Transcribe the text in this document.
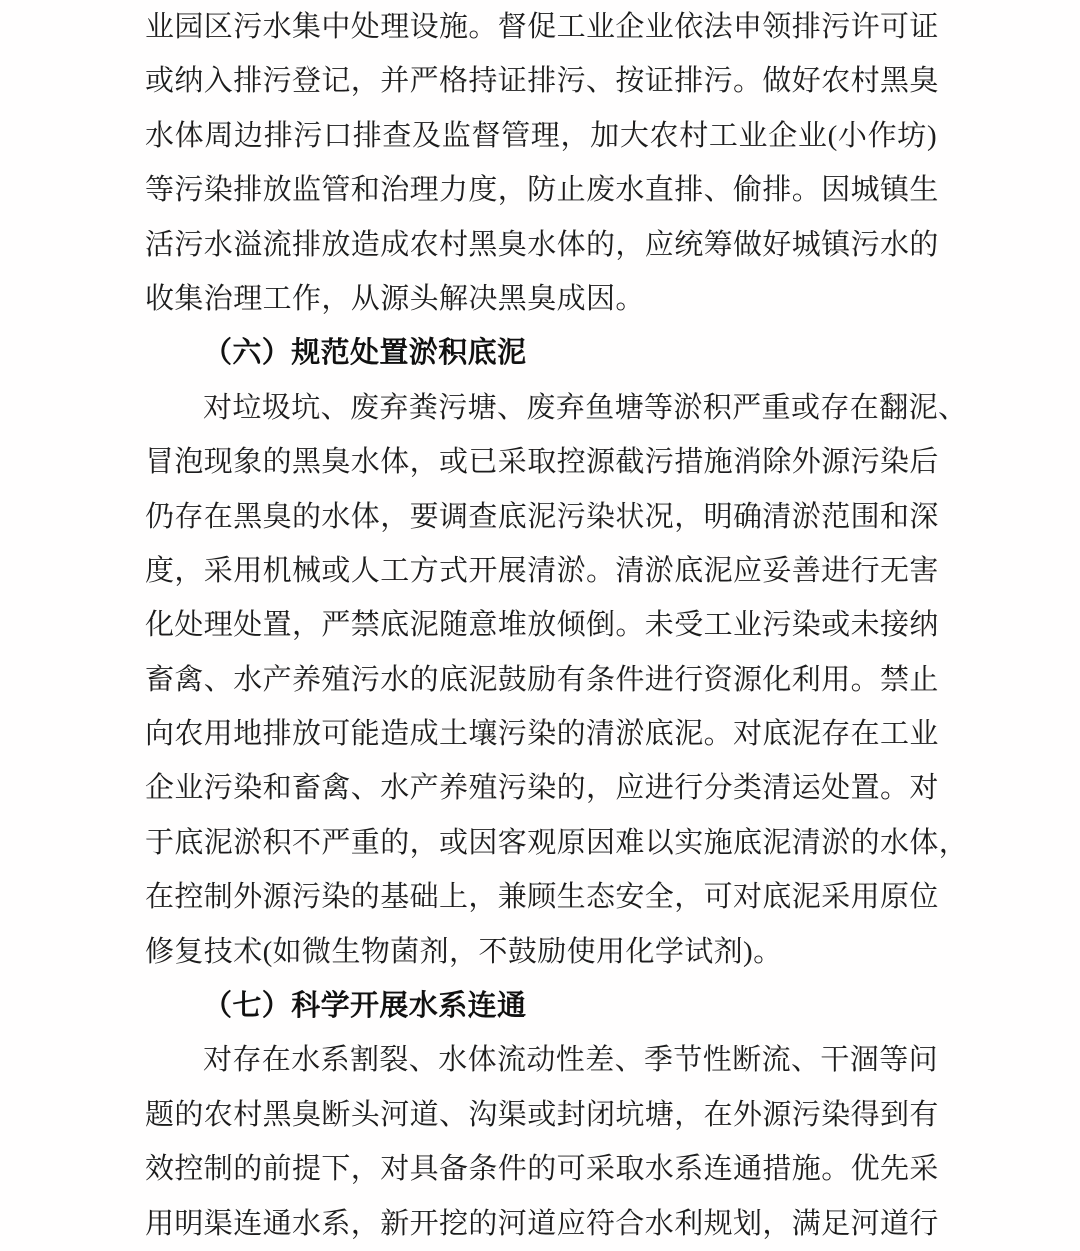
业园区污水集中处理设施。督促工业企业依法申领排污许可证
或纳入排污登记，并严格持证排污、按证排污。做好农村黑臭
水体周边排污口排查及监督管理，加大农村工业企业(小作坊)
等污染排放监管和治理力度，防止废水直排、偷排。因城镇生
活污水溢流排放造成农村黑臭水体的，应统筹做好城镇污水的
收集治理工作，从源头解决黑臭成因。
（六）规范处置淤积底泥
对垃圾坑、废弃粪污塘、废弃鱼塘等淤积严重或存在翻泥、
冒泡现象的黑臭水体，或已采取控源截污措施消除外源污染后
仍存在黑臭的水体，要调查底泥污染状况，明确清淤范围和深
度，采用机械或人工方式开展清淤。清淤底泥应妥善进行无害
化处理处置，严禁底泥随意堆放倾倒。未受工业污染或未接纳
畜禽、水产养殖污水的底泥鼓励有条件进行资源化利用。禁止
向农用地排放可能造成土壤污染的清淤底泥。对底泥存在工业
企业污染和畜禽、水产养殖污染的，应进行分类清运处置。对
于底泥淤积不严重的，或因客观原因难以实施底泥清淤的水体，
在控制外源污染的基础上，兼顾生态安全，可对底泥采用原位
修复技术(如微生物菌剂，不鼓励使用化学试剂)。
（七）科学开展水系连通
对存在水系割裂、水体流动性差、季节性断流、干涸等问
题的农村黑臭断头河道、沟渠或封闭坑塘，在外源污染得到有
效控制的前提下，对具备条件的可采取水系连通措施。优先采
用明渠连通水系，新开挖的河道应符合水利规划，满足河道行
